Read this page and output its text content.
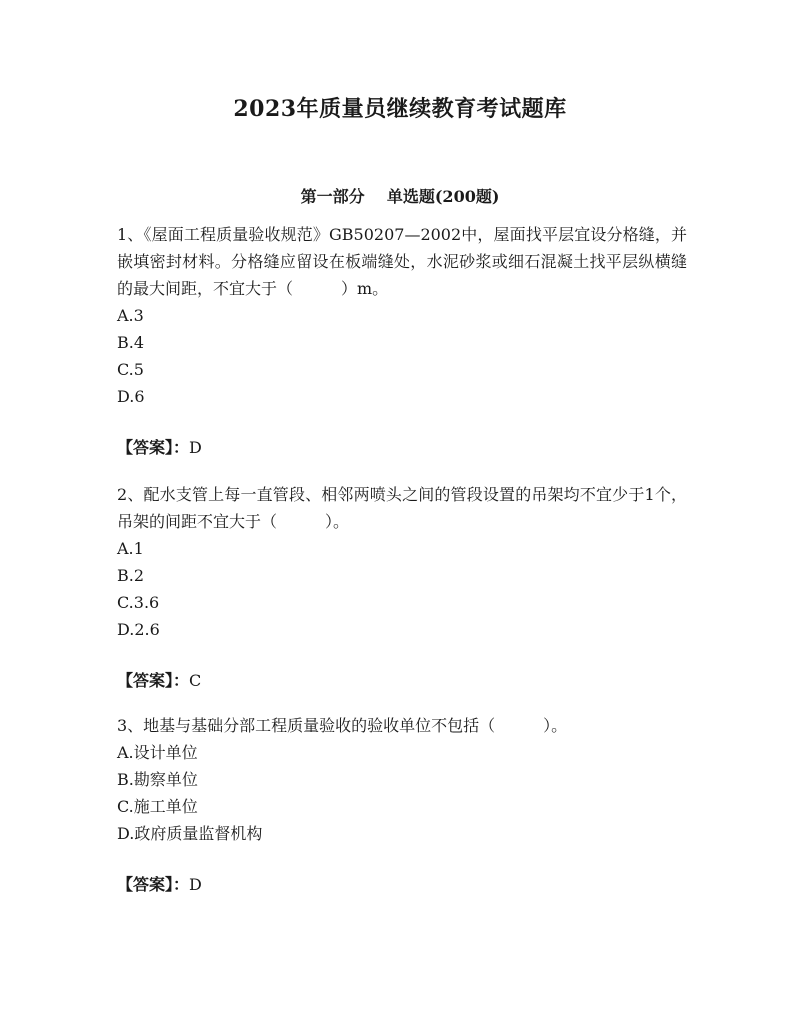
2023年质量员继续教育考试题库
第一部分    单选题(200题)

1、《屋面工程质量验收规范》GB50207—2002中，屋面找平层宜设分格缝，并嵌填密封材料。分格缝应留设在板端缝处，水泥砂浆或细石混凝土找平层纵横缝的最大间距，不宜大于（　　　）m。

A.3

B.4

C.5

D.6

【答案】：D

2、配水支管上每一直管段、相邻两喷头之间的管段设置的吊架均不宜少于1个，吊架的间距不宜大于（　　　）。

A.1

B.2

C.3.6

D.2.6

【答案】：C

3、地基与基础分部工程质量验收的验收单位不包括（　　　）。

A.设计单位

B.勘察单位

C.施工单位

D.政府质量监督机构

【答案】：D
